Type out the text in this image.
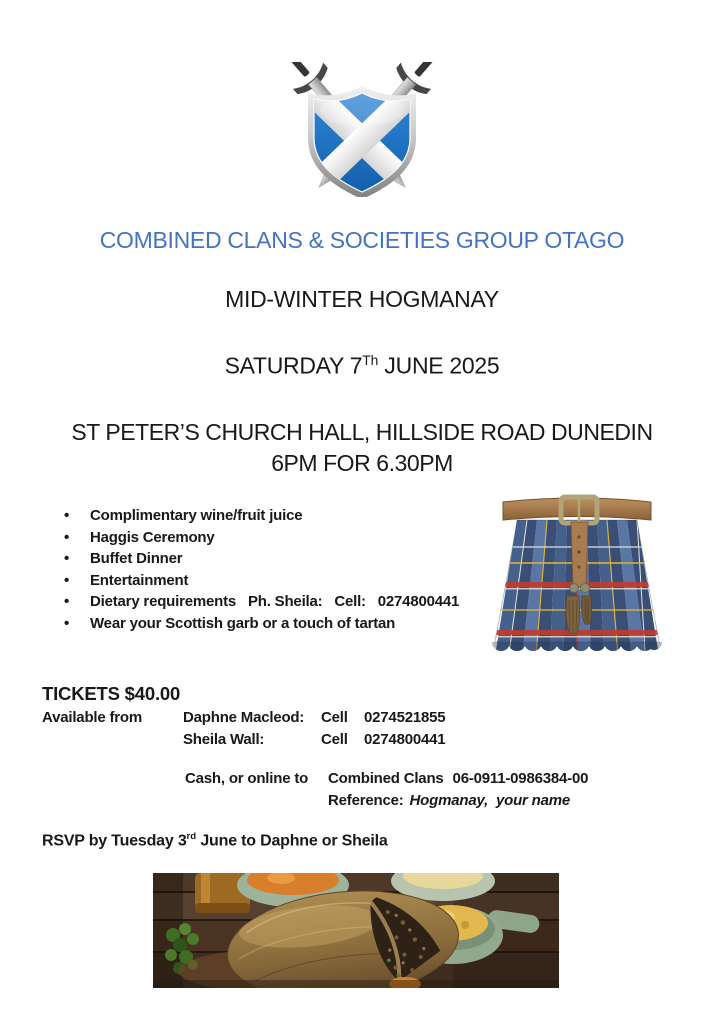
COMBINED CLANS & SOCIETIES GROUP OTAGO
MID-WINTER HOGMANAY
SATURDAY 7Th JUNE 2025
ST PETER’S CHURCH HALL, HILLSIDE ROAD DUNEDIN
6PM FOR 6.30PM
•	Complimentary wine/fruit juice
•	Haggis Ceremony
•	Buffet Dinner
•	Entertainment
•	Dietary requirements   Ph. Sheila:   Cell:   0274800441
•	Wear your Scottish garb or a touch of tartan
TICKETS $40.00
Available from	Daphne Macleod:	Cell	0274521855
Sheila Wall:	Cell	0274800441
Cash, or online to	Combined Clans 06-0911-0986384-00
Reference: Hogmanay,  your name
RSVP by Tuesday 3rd June to Daphne or Sheila
